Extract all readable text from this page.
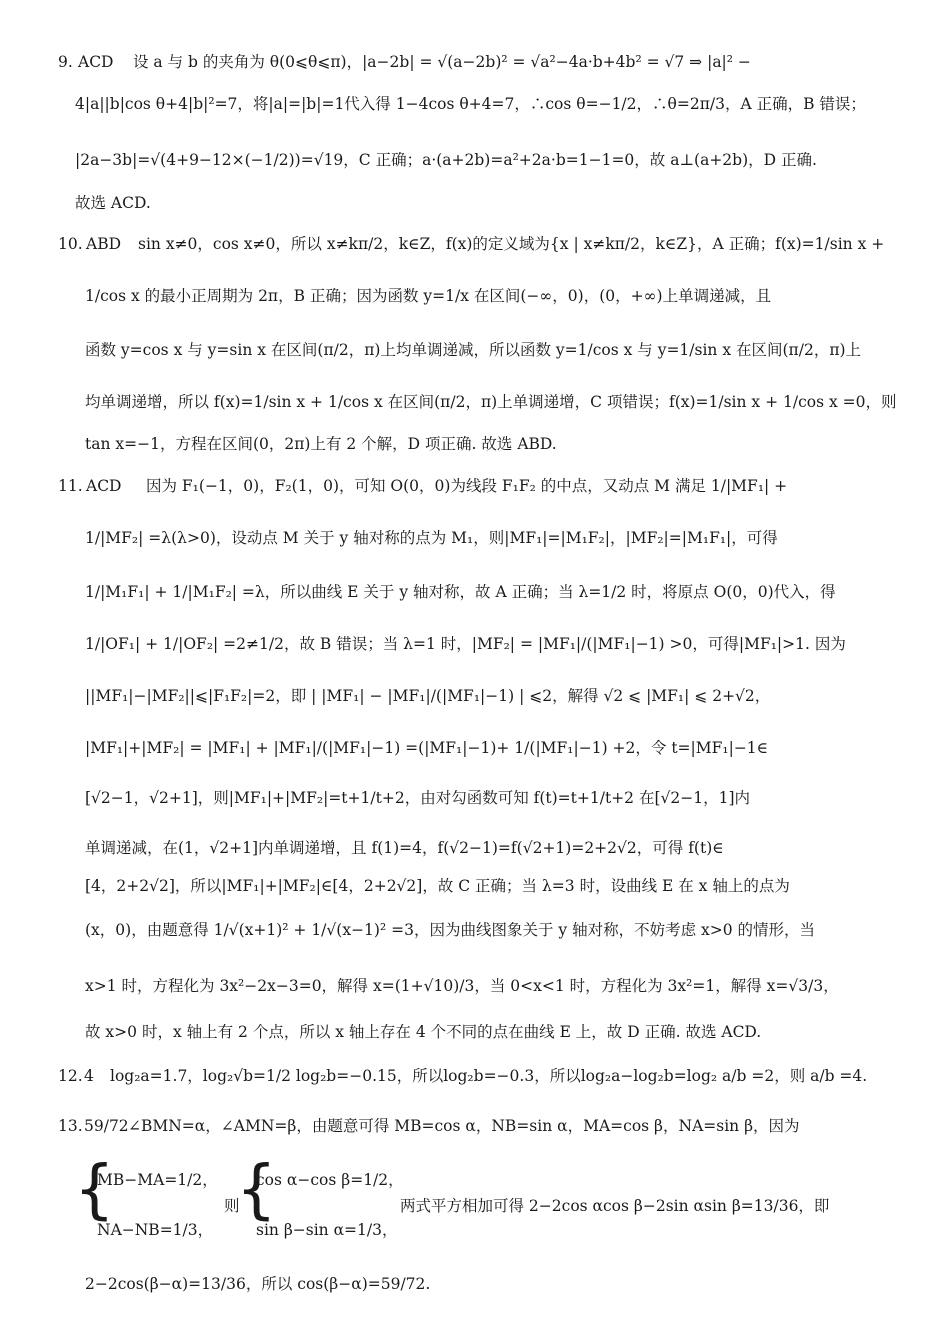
9. ACD 设 a 与 b 的夹角为 θ(0⩽θ⩽π)，|a−2b| = √(a−2b)² = √a²−4a·b+4b² = √7 ⇒ |a|² −
4|a||b|cos θ+4|b|²=7，将|a|=|b|=1代入得 1−4cos θ+4=7，∴cos θ=−1/2，∴θ=2π/3，A 正确，B 错误；
|2a−3b|=√(4+9−12×(−1/2))=√19，C 正确；a·(a+2b)=a²+2a·b=1−1=0，故 a⊥(a+2b)，D 正确.
故选 ACD.
10. ABD sin x≠0，cos x≠0，所以 x≠kπ/2，k∈Z，f(x)的定义域为{x | x≠kπ/2，k∈Z}，A 正确；f(x)=1/sin x +
1/cos x 的最小正周期为 2π，B 正确；因为函数 y=1/x 在区间(−∞，0)，(0，+∞)上单调递减，且
函数 y=cos x 与 y=sin x 在区间(π/2，π)上均单调递减，所以函数 y=1/cos x 与 y=1/sin x 在区间(π/2，π)上
均单调递增，所以 f(x)=1/sin x + 1/cos x 在区间(π/2，π)上单调递增，C 项错误；f(x)=1/sin x + 1/cos x =0，则
tan x=−1，方程在区间(0，2π)上有 2 个解，D 项正确. 故选 ABD.
11. ACD 因为 F₁(−1，0)，F₂(1，0)，可知 O(0，0)为线段 F₁F₂ 的中点，又动点 M 满足 1/|MF₁| +
1/|MF₂| =λ(λ>0)，设动点 M 关于 y 轴对称的点为 M₁，则|MF₁|=|M₁F₂|，|MF₂|=|M₁F₁|，可得
1/|M₁F₁| + 1/|M₁F₂| =λ，所以曲线 E 关于 y 轴对称，故 A 正确；当 λ=1/2 时，将原点 O(0，0)代入，得
1/|OF₁| + 1/|OF₂| =2≠1/2，故 B 错误；当 λ=1 时，|MF₂| = |MF₁|/(|MF₁|−1) >0，可得|MF₁|>1. 因为
||MF₁|−|MF₂||⩽|F₁F₂|=2，即 | |MF₁| − |MF₁|/(|MF₁|−1) | ⩽2，解得 √2 ⩽ |MF₁| ⩽ 2+√2，
|MF₁|+|MF₂| = |MF₁| + |MF₁|/(|MF₁|−1) =(|MF₁|−1)+ 1/(|MF₁|−1) +2，令 t=|MF₁|−1∈
[√2−1，√2+1]，则|MF₁|+|MF₂|=t+1/t+2，由对勾函数可知 f(t)=t+1/t+2 在[√2−1，1]内
单调递减，在(1，√2+1]内单调递增，且 f(1)=4，f(√2−1)=f(√2+1)=2+2√2，可得 f(t)∈
[4，2+2√2]，所以|MF₁|+|MF₂|∈[4，2+2√2]，故 C 正确；当 λ=3 时，设曲线 E 在 x 轴上的点为
(x，0)，由题意得 1/√(x+1)² + 1/√(x−1)² =3，因为曲线图象关于 y 轴对称，不妨考虑 x>0 的情形，当
x>1 时，方程化为 3x²−2x−3=0，解得 x=(1+√10)/3，当 0<x<1 时，方程化为 3x²=1，解得 x=√3/3，
故 x>0 时，x 轴上有 2 个点，所以 x 轴上存在 4 个不同的点在曲线 E 上，故 D 正确. 故选 ACD.
12. 4 log₂a=1.7，log₂√b=1/2 log₂b=−0.15，所以log₂b=−0.3，所以log₂a−log₂b=log₂ a/b =2，则 a/b =4.
13. 59/72 ∠BMN=α，∠AMN=β，由题意可得 MB=cos α，NB=sin α，MA=cos β，NA=sin β，因为
{
MB−MA=1/2，
NA−NB=1/3，
则
{
cos α−cos β=1/2，
sin β−sin α=1/3，
两式平方相加可得 2−2cos αcos β−2sin αsin β=13/36，即
2−2cos(β−α)=13/36，所以 cos(β−α)=59/72.
